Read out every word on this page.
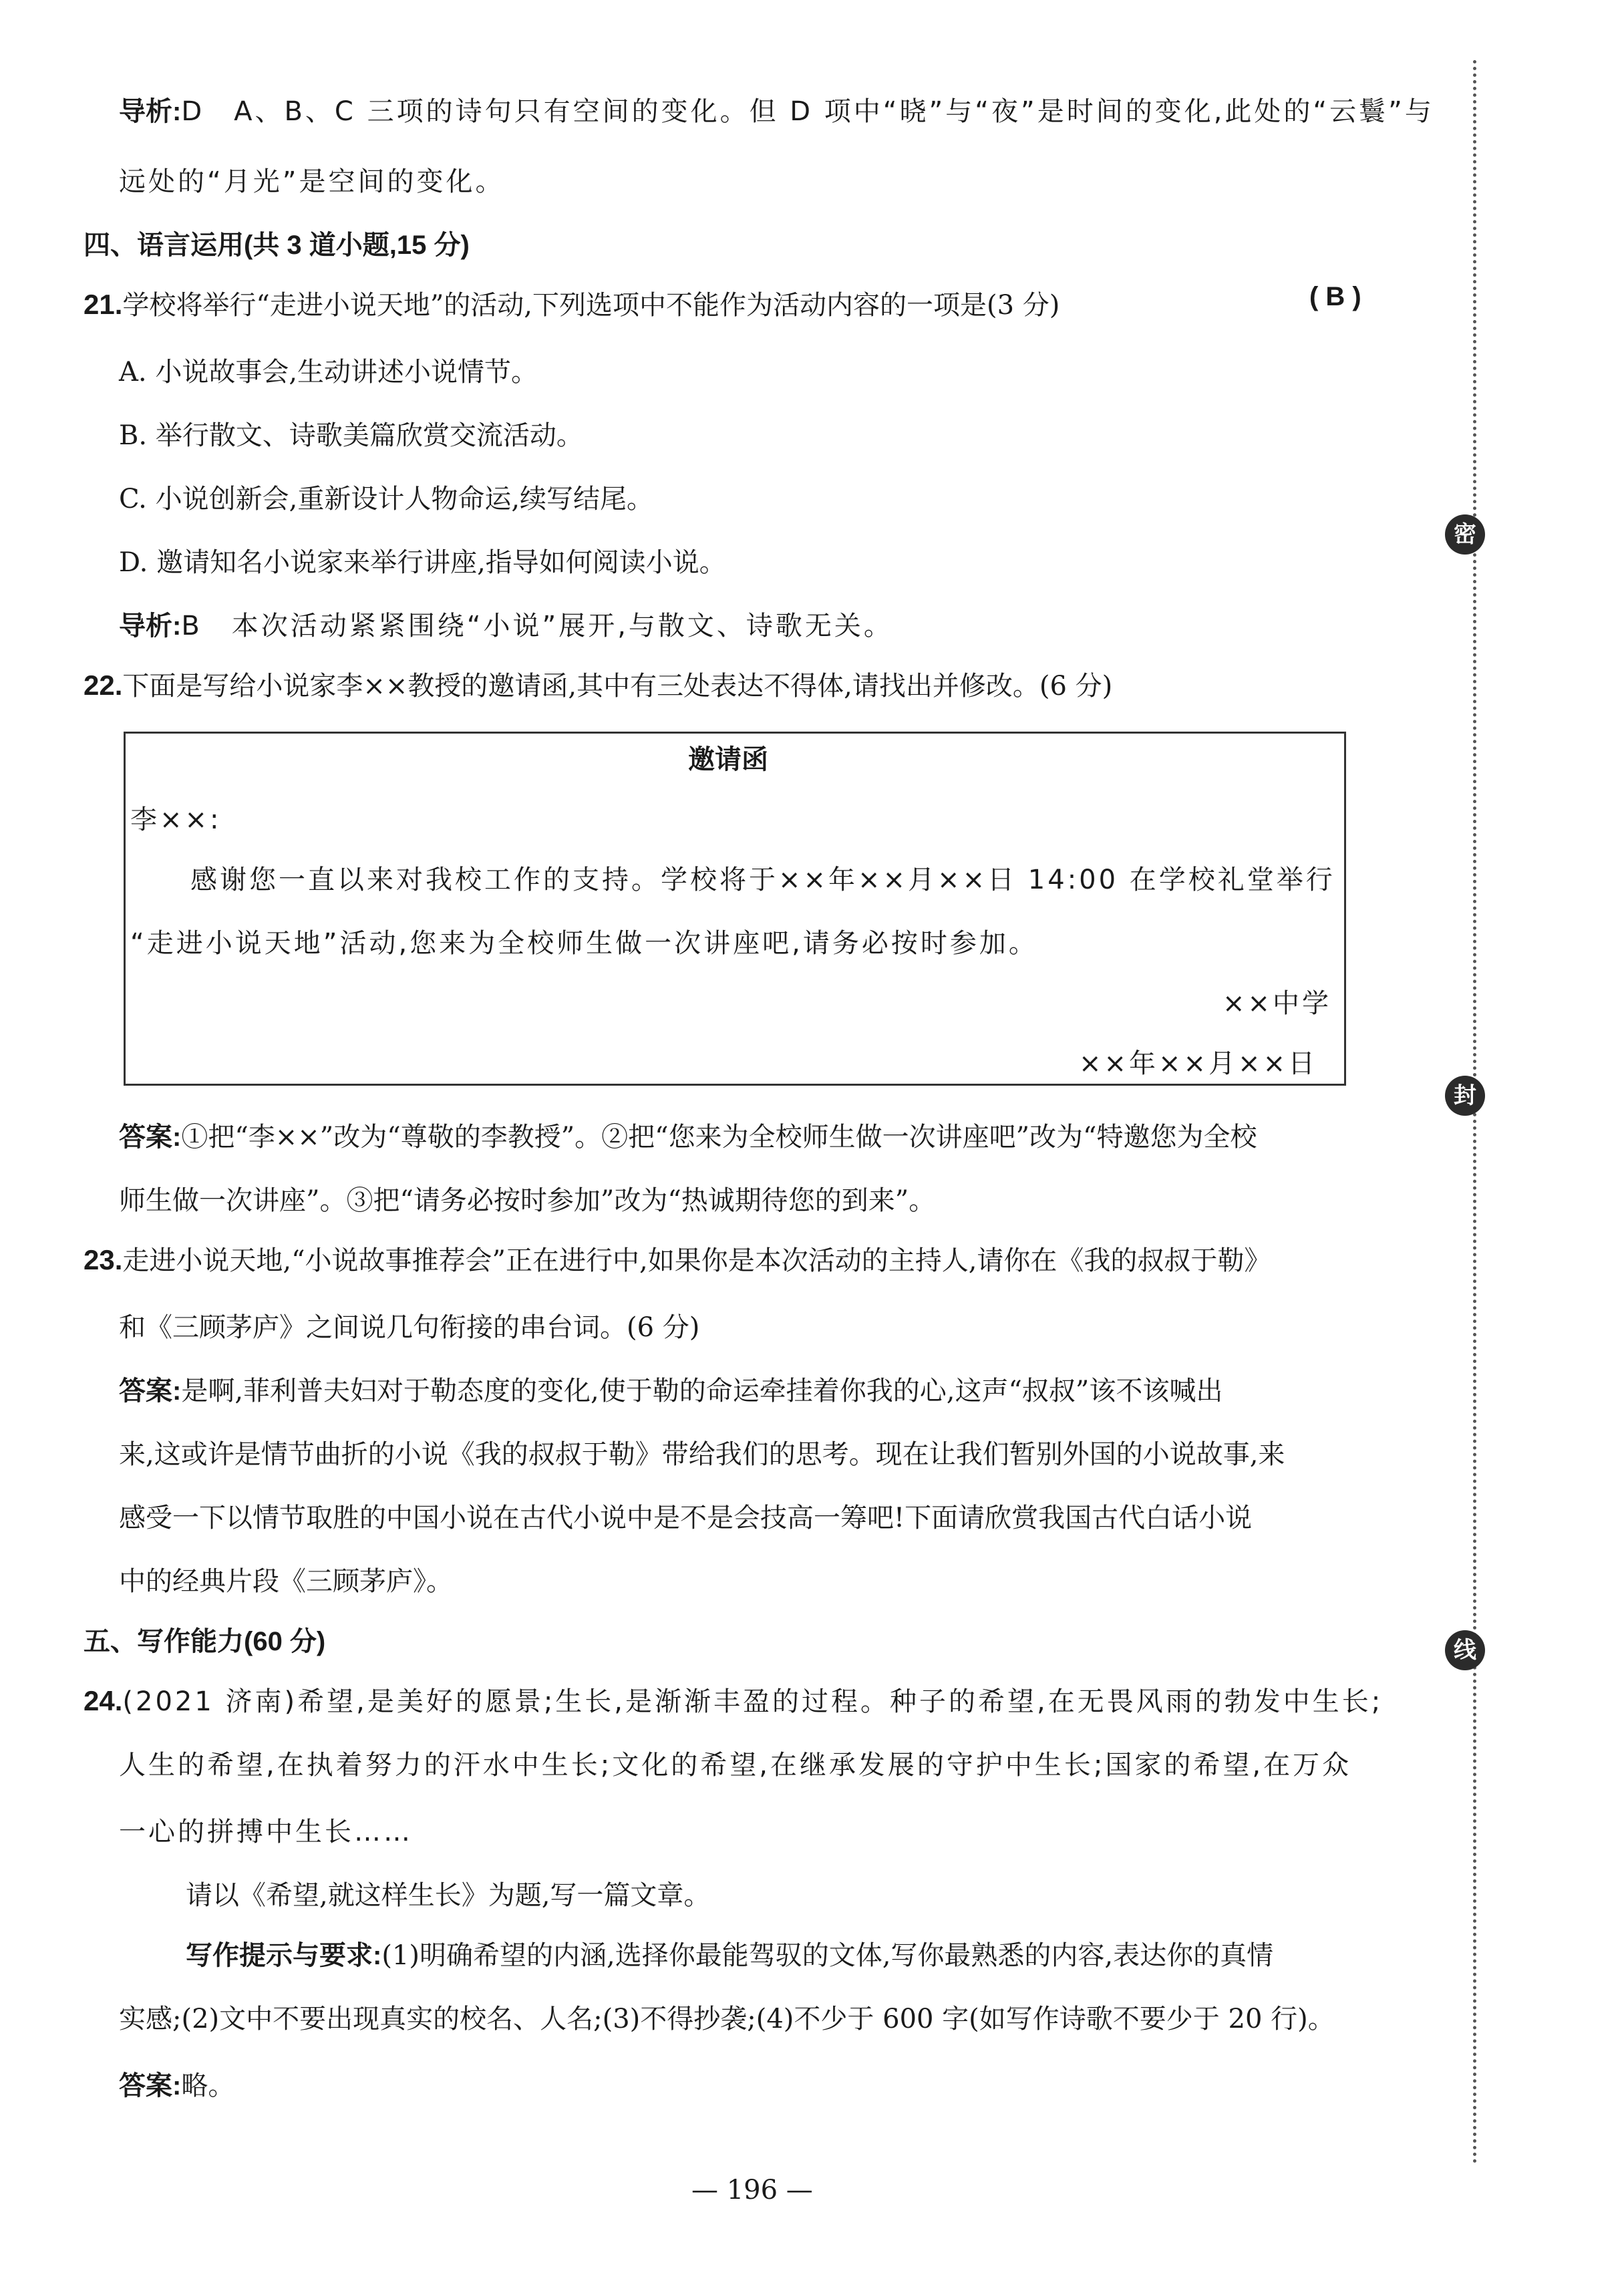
导析:D　A、B、C 三项的诗句只有空间的变化。但 D 项中“晓”与“夜”是时间的变化,此处的“云鬟”与
远处的“月光”是空间的变化。
四、语言运用(共 3 道小题,15 分)
21.学校将举行“走进小说天地”的活动,下列选项中不能作为活动内容的一项是(3 分)	( B )
A. 小说故事会,生动讲述小说情节。
B. 举行散文、诗歌美篇欣赏交流活动。
C. 小说创新会,重新设计人物命运,续写结尾。
D. 邀请知名小说家来举行讲座,指导如何阅读小说。
导析:B　本次活动紧紧围绕“小说”展开,与散文、诗歌无关。
22.下面是写给小说家李××教授的邀请函,其中有三处表达不得体,请找出并修改。(6 分)
邀请函
李××:
感谢您一直以来对我校工作的支持。学校将于××年××月××日 14:00 在学校礼堂举行
“走进小说天地”活动,您来为全校师生做一次讲座吧,请务必按时参加。
××中学
××年××月××日
答案:①把“李××”改为“尊敬的李教授”。②把“您来为全校师生做一次讲座吧”改为“特邀您为全校
师生做一次讲座”。③把“请务必按时参加”改为“热诚期待您的到来”。
23.走进小说天地,“小说故事推荐会”正在进行中,如果你是本次活动的主持人,请你在《我的叔叔于勒》
和《三顾茅庐》之间说几句衔接的串台词。(6 分)
答案:是啊,菲利普夫妇对于勒态度的变化,使于勒的命运牵挂着你我的心,这声“叔叔”该不该喊出
来,这或许是情节曲折的小说《我的叔叔于勒》带给我们的思考。现在让我们暂别外国的小说故事,来
感受一下以情节取胜的中国小说在古代小说中是不是会技高一筹吧!下面请欣赏我国古代白话小说
中的经典片段《三顾茅庐》。
五、写作能力(60 分)
24.(2021 济南)希望,是美好的愿景;生长,是渐渐丰盈的过程。种子的希望,在无畏风雨的勃发中生长;
人生的希望,在执着努力的汗水中生长;文化的希望,在继承发展的守护中生长;国家的希望,在万众
一心的拼搏中生长……
请以《希望,就这样生长》为题,写一篇文章。
写作提示与要求:(1)明确希望的内涵,选择你最能驾驭的文体,写你最熟悉的内容,表达你的真情
实感;(2)文中不要出现真实的校名、人名;(3)不得抄袭;(4)不少于 600 字(如写作诗歌不要少于 20 行)。
答案:略。
— 196 —
密
封
线
